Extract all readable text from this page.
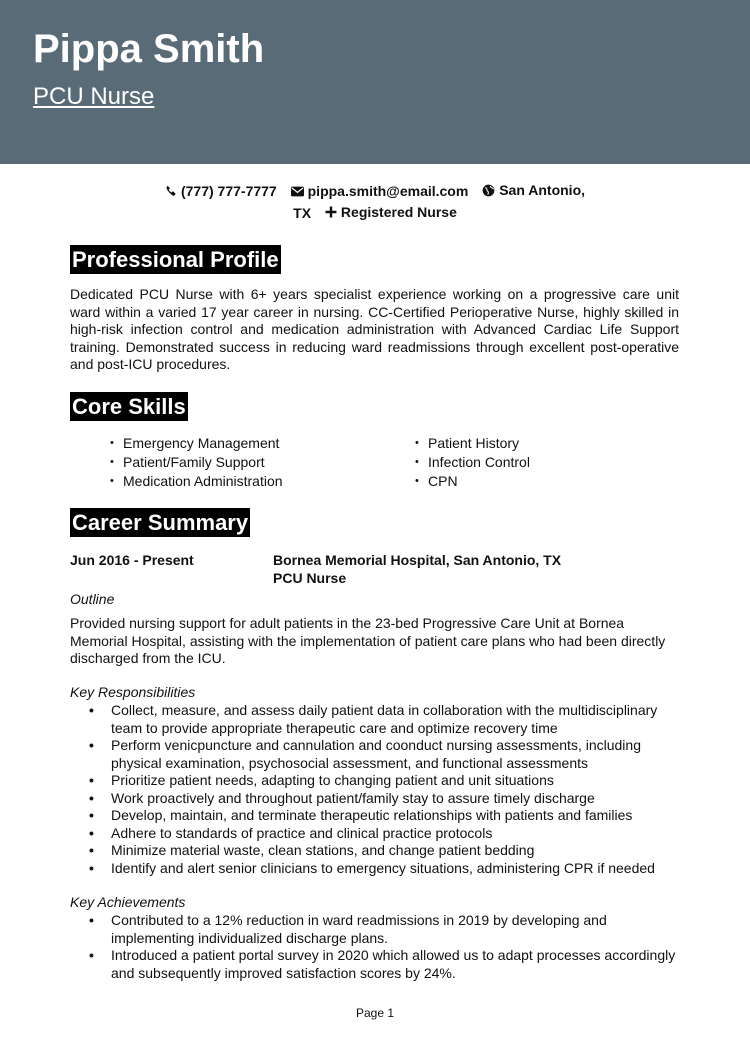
Pippa Smith
PCU Nurse
(777) 777-7777
pippa.smith@email.com
San Antonio,
TX
Registered Nurse
Professional Profile

Dedicated PCU Nurse with 6+ years specialist experience working on a progressive care unit ward within a varied 17 year career in nursing. CC-Certified Perioperative Nurse, highly skilled in high-risk infection control and medication administration with Advanced Cardiac Life Support training. Demonstrated success in reducing ward readmissions through excellent post-operative and post-ICU procedures.

Core Skills
• Emergency Management
• Patient/Family Support
• Medication Administration
• Patient History
• Infection Control
• CPN
Career Summary
Jun 2016 - Present	Bornea Memorial Hospital, San Antonio, TX
PCU Nurse
Outline

Provided nursing support for adult patients in the 23-bed Progressive Care Unit at Bornea Memorial Hospital, assisting with the implementation of patient care plans who had been directly discharged from the ICU.

Key Responsibilities
• Collect, measure, and assess daily patient data in collaboration with the multidisciplinary team to provide appropriate therapeutic care and optimize recovery time
• Perform venicpuncture and cannulation and coonduct nursing assessments, including physical examination, psychosocial assessment, and functional assessments
• Prioritize patient needs, adapting to changing patient and unit situations
• Work proactively and throughout patient/family stay to assure timely discharge
• Develop, maintain, and terminate therapeutic relationships with patients and families
• Adhere to standards of practice and clinical practice protocols
• Minimize material waste, clean stations, and change patient bedding
• Identify and alert senior clinicians to emergency situations, administering CPR if needed
Key Achievements
• Contributed to a 12% reduction in ward readmissions in 2019 by developing and implementing individualized discharge plans.
• Introduced a patient portal survey in 2020 which allowed us to adapt processes accordingly and subsequently improved satisfaction scores by 24%.
Page 1
